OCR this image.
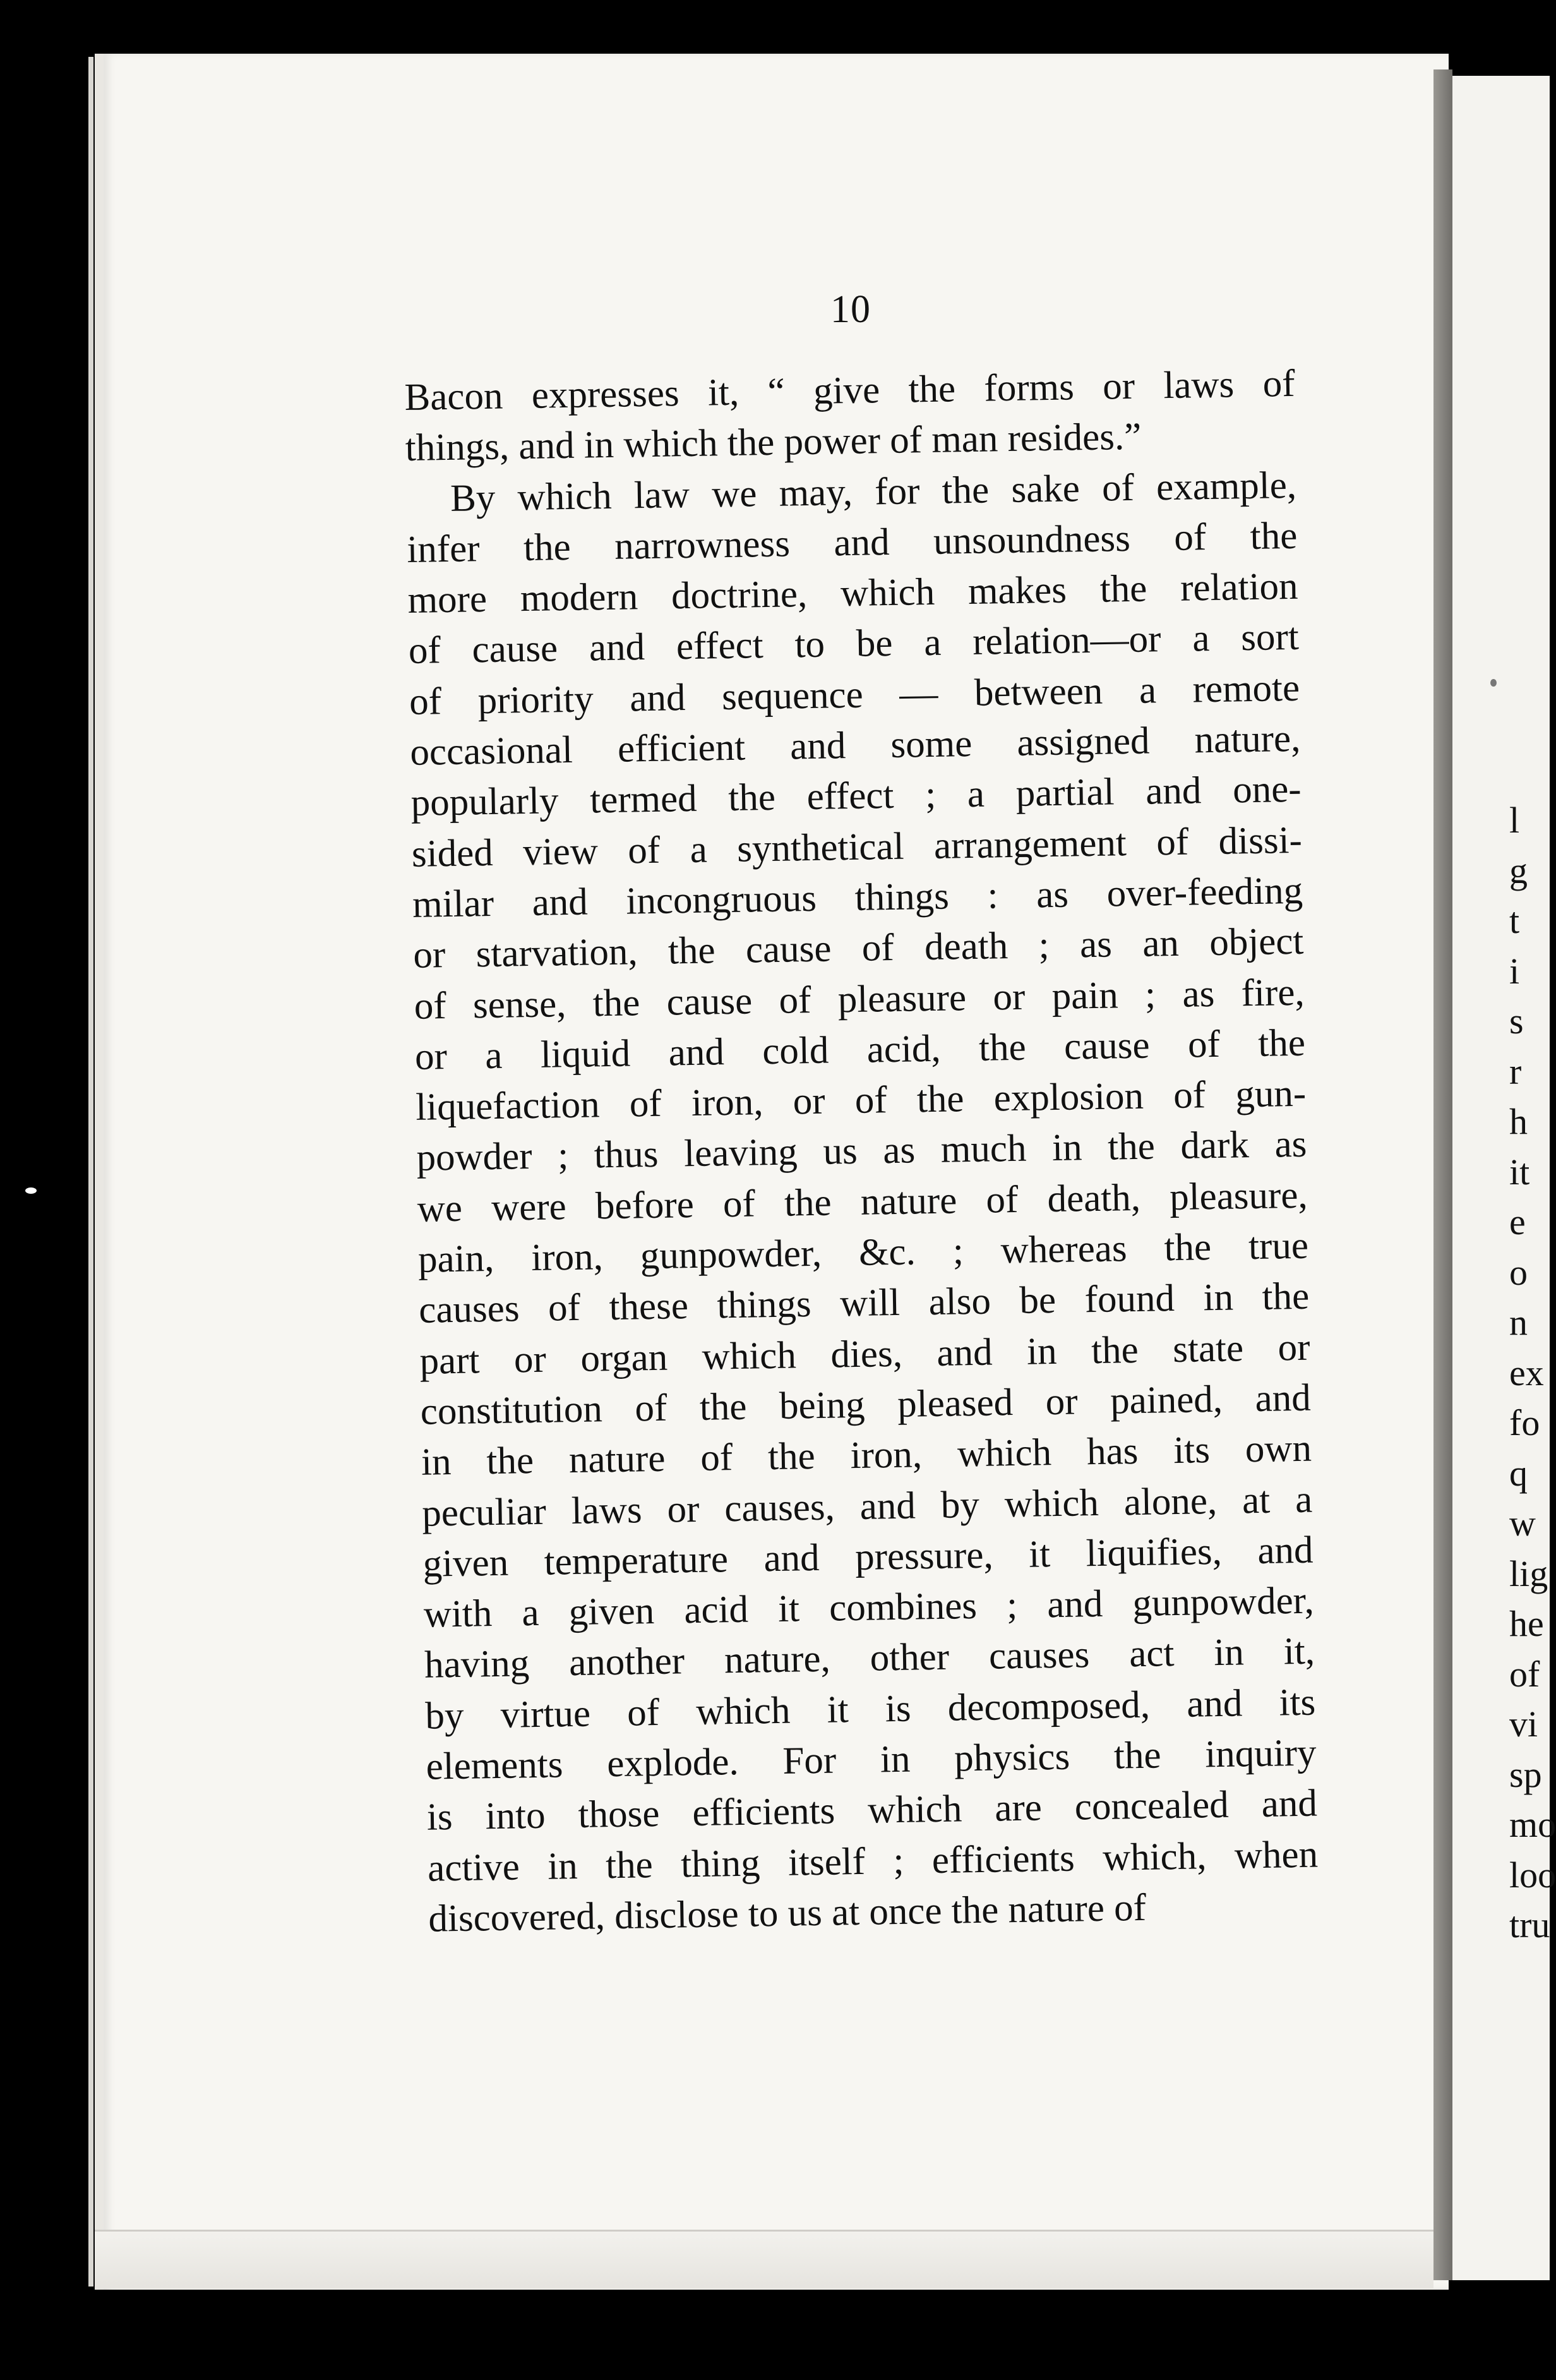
l
g
t
i
s
r
h
it
e
o
n
ex
fo
q
w
lig
he
of
vi
sp
mo
loo
tru
10
Bacon expresses it, “ give the forms or laws of
things, and in which the power of man resides.”
By which law we may, for the sake of example,
infer the narrowness and unsoundness of the
more modern doctrine, which makes the relation
of cause and effect to be a relation—or a sort
of priority and sequence — between a remote
occasional efficient and some assigned nature,
popularly termed the effect ; a partial and one-
sided view of a synthetical arrangement of dissi-
milar and incongruous things : as over-feeding
or starvation, the cause of death ; as an object
of sense, the cause of pleasure or pain ; as fire,
or a liquid and cold acid, the cause of the
liquefaction of iron, or of the explosion of gun-
powder ; thus leaving us as much in the dark as
we were before of the nature of death, pleasure,
pain, iron, gunpowder, &c. ; whereas the true
causes of these things will also be found in the
part or organ which dies, and in the state or
constitution of the being pleased or pained, and
in the nature of the iron, which has its own
peculiar laws or causes, and by which alone, at a
given temperature and pressure, it liquifies, and
with a given acid it combines ; and gunpowder,
having another nature, other causes act in it,
by virtue of which it is decomposed, and its
elements explode. For in physics the inquiry
is into those efficients which are concealed and
active in the thing itself ; efficients which, when
discovered, disclose to us at once the nature of
